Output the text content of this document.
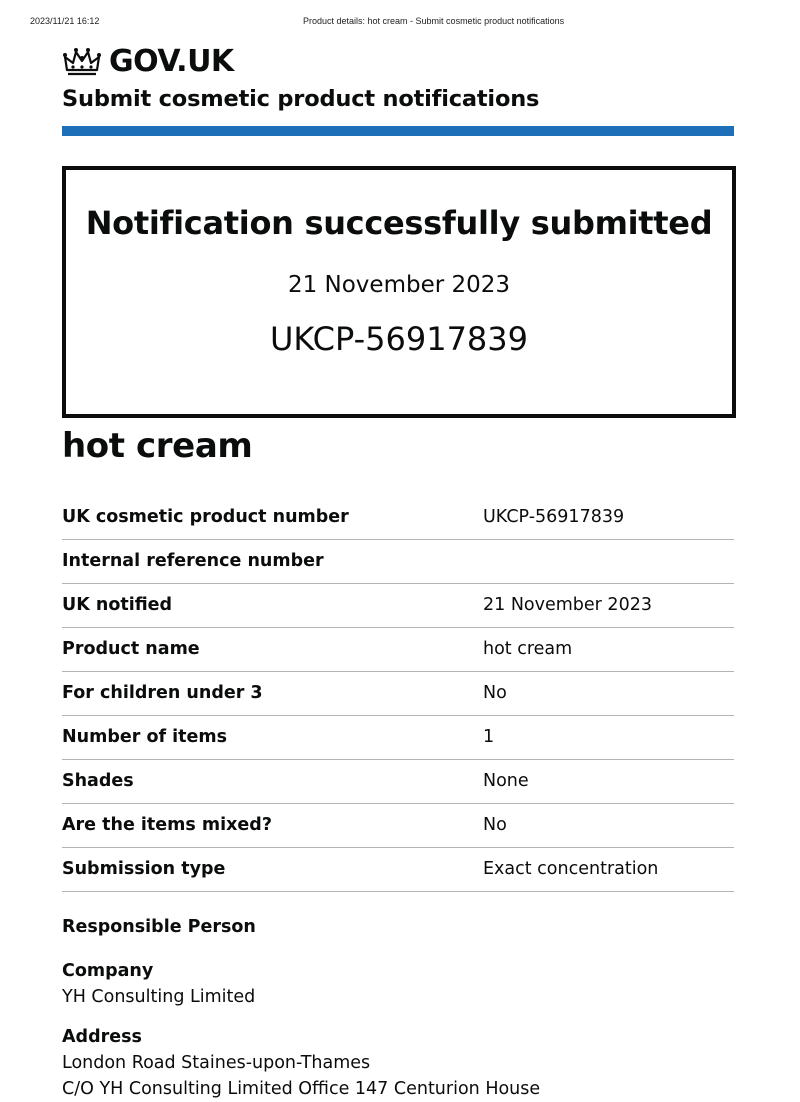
2023/11/21 16:12	Product details: hot cream - Submit cosmetic product notifications
GOV.UK
Submit cosmetic product notifications
Notification successfully submitted
21 November 2023
UKCP-56917839
hot cream
UK cosmetic product number	UKCP-56917839
Internal reference number
UK notified	21 November 2023
Product name	hot cream
For children under 3	No
Number of items	1
Shades	None
Are the items mixed?	No
Submission type	Exact concentration
Responsible Person
Company
YH Consulting Limited
Address
London Road Staines-upon-Thames
C/O YH Consulting Limited Office 147 Centurion House
